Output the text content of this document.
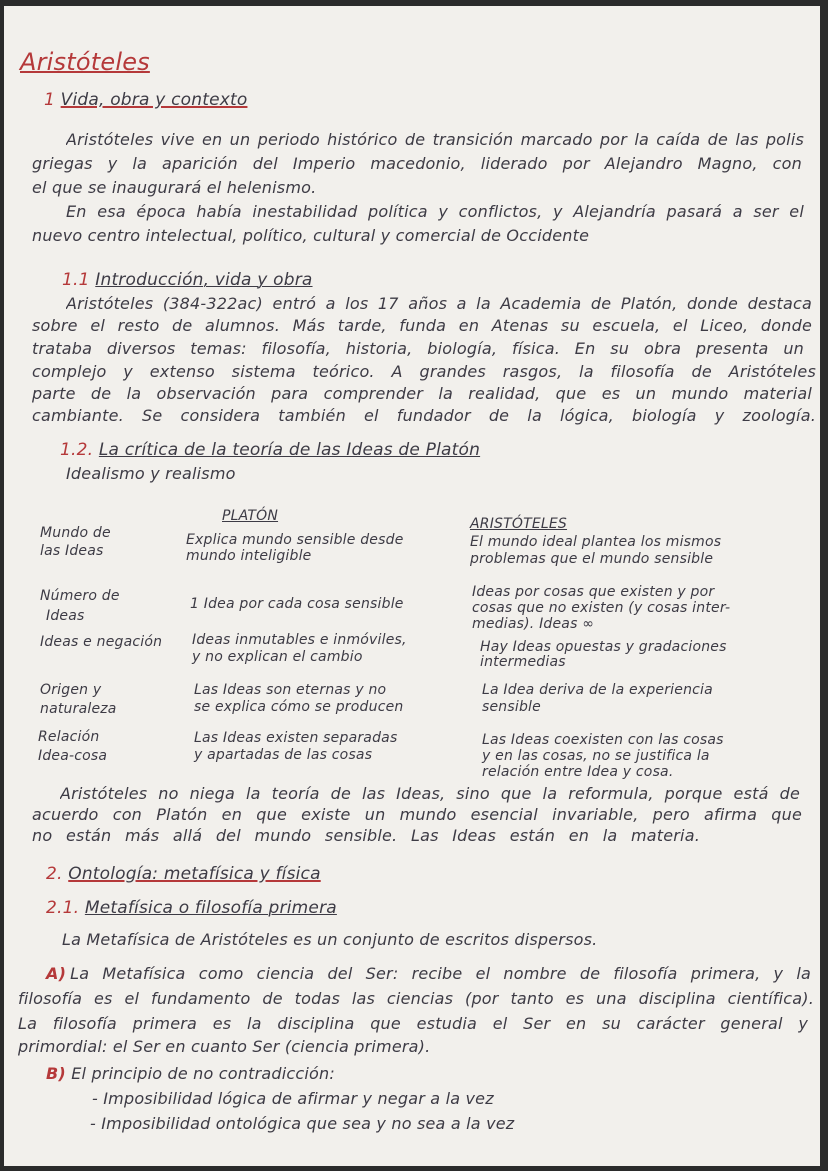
Aristóteles
1 Vida, obra y contexto
Aristóteles vive en un periodo histórico de transición marcado por la caída de las polis
griegas y la aparición del Imperio macedonio, liderado por Alejandro Magno, con
el que se inaugurará el helenismo.
En esa época había inestabilidad política y conflictos, y Alejandría pasará a ser el
nuevo centro intelectual, político, cultural y comercial de Occidente
1.1 Introducción, vida y obra
Aristóteles (384-322ac) entró a los 17 años a la Academia de Platón, donde destaca
sobre el resto de alumnos. Más tarde, funda en Atenas su escuela, el Liceo, donde
trataba diversos temas: filosofía, historia, biología, física. En su obra presenta un
complejo y extenso sistema teórico. A grandes rasgos, la filosofía de Aristóteles
parte de la observación para comprender la realidad, que es un mundo material
cambiante. Se considera también el fundador de la lógica, biología y zoología.
1.2. La crítica de la teoría de las Ideas de Platón
Idealismo y realismo
PLATÓN	ARISTÓTELES
Mundo de
las Ideas
Explica mundo sensible desde
mundo inteligible
El mundo ideal plantea los mismos
problemas que el mundo sensible
Número de
Ideas
1 Idea por cada cosa sensible
Ideas por cosas que existen y por
cosas que no existen (y cosas inter-
medias). Ideas ∞
Ideas e negación Ideas inmutables e inmóviles,
y no explican el cambio
Hay Ideas opuestas y gradaciones
intermedias
Origen y
naturaleza
Las Ideas son eternas y no
se explica cómo se producen
La Idea deriva de la experiencia
sensible
Relación
Idea-cosa
Las Ideas existen separadas
y apartadas de las cosas
Las Ideas coexisten con las cosas
y en las cosas, no se justifica la
relación entre Idea y cosa.
Aristóteles no niega la teoría de las Ideas, sino que la reformula, porque está de
acuerdo con Platón en que existe un mundo esencial invariable, pero afirma que
no están más allá del mundo sensible. Las Ideas están en la materia.
2. Ontología: metafísica y física
2.1. Metafísica o filosofía primera
La Metafísica de Aristóteles es un conjunto de escritos dispersos.
A) La Metafísica como ciencia del Ser: recibe el nombre de filosofía primera, y la
filosofía es el fundamento de todas las ciencias (por tanto es una disciplina científica).
La filosofía primera es la disciplina que estudia el Ser en su carácter general y
primordial: el Ser en cuanto Ser (ciencia primera).
B) El principio de no contradicción:
- Imposibilidad lógica de afirmar y negar a la vez
- Imposibilidad ontológica que sea y no sea a la vez
